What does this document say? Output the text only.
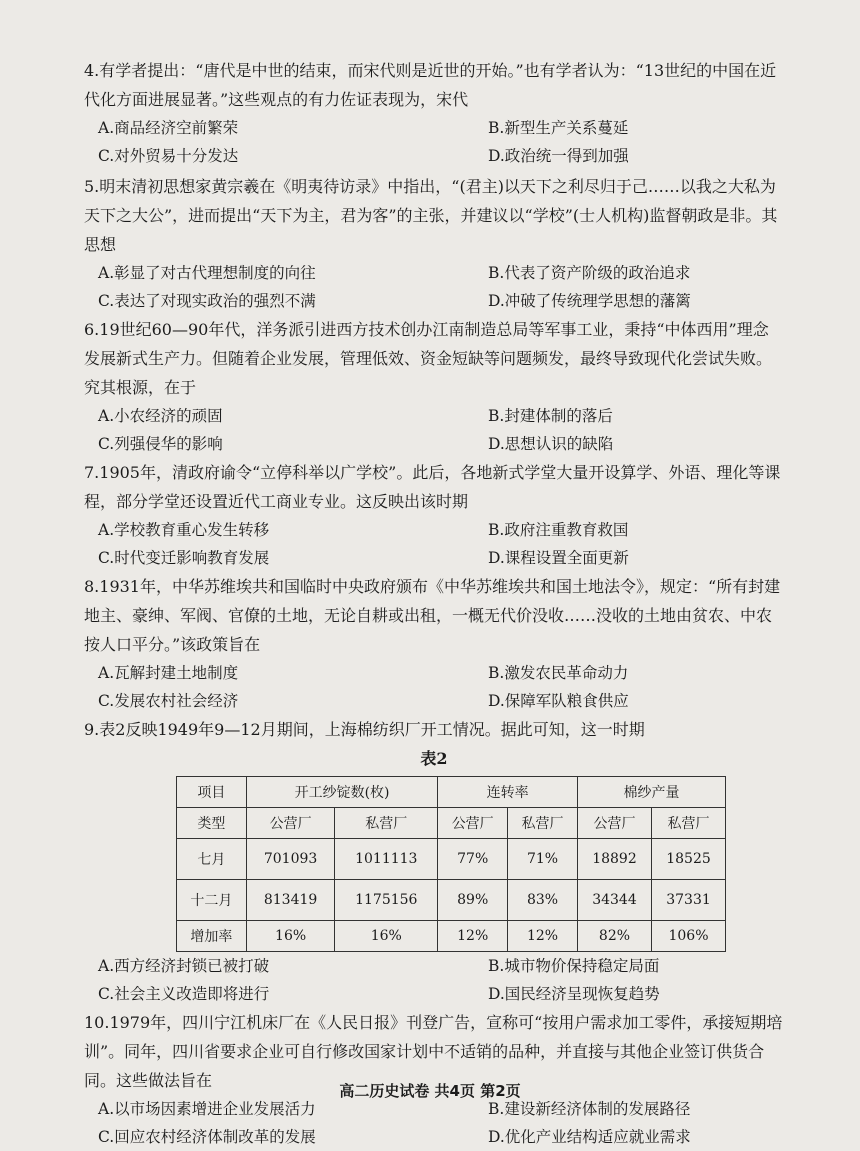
4.有学者提出：“唐代是中世的结束，而宋代则是近世的开始。”也有学者认为：“13世纪的中国在近代化方面进展显著。”这些观点的有力佐证表现为，宋代

A.商品经济空前繁荣	B.新型生产关系蔓延
C.对外贸易十分发达	D.政治统一得到加强

5.明末清初思想家黄宗羲在《明夷待访录》中指出，“(君主)以天下之利尽归于己……以我之大私为天下之大公”，进而提出“天下为主，君为客”的主张，并建议以“学校”(士人机构)监督朝政是非。其思想

A.彰显了对古代理想制度的向往	B.代表了资产阶级的政治追求
C.表达了对现实政治的强烈不满	D.冲破了传统理学思想的藩篱

6.19世纪60—90年代，洋务派引进西方技术创办江南制造总局等军事工业，秉持“中体西用”理念发展新式生产力。但随着企业发展，管理低效、资金短缺等问题频发，最终导致现代化尝试失败。究其根源，在于

A.小农经济的顽固	B.封建体制的落后
C.列强侵华的影响	D.思想认识的缺陷

7.1905年，清政府谕令“立停科举以广学校”。此后，各地新式学堂大量开设算学、外语、理化等课程，部分学堂还设置近代工商业专业。这反映出该时期

A.学校教育重心发生转移	B.政府注重教育救国
C.时代变迁影响教育发展	D.课程设置全面更新

8.1931年，中华苏维埃共和国临时中央政府颁布《中华苏维埃共和国土地法令》，规定：“所有封建地主、豪绅、军阀、官僚的土地，无论自耕或出租，一概无代价没收……没收的土地由贫农、中农按人口平分。”该政策旨在

A.瓦解封建土地制度	B.激发农民革命动力
C.发展农村社会经济	D.保障军队粮食供应

9.表2反映1949年9—12月期间，上海棉纺织厂开工情况。据此可知，这一时期

表2
项目	开工纱锭数(枚)		连转率		棉纱产量	
类型	公营厂	私营厂	公营厂	私营厂	公营厂	私营厂
七月	701093	1011113	77%	71%	18892	18525
十二月	813419	1175156	89%	83%	34344	37331
增加率	16%	16%	12%	12%	82%	106%
A.西方经济封锁已被打破	B.城市物价保持稳定局面
C.社会主义改造即将进行	D.国民经济呈现恢复趋势

10.1979年，四川宁江机床厂在《人民日报》刊登广告，宣称可“按用户需求加工零件，承接短期培训”。同年，四川省要求企业可自行修改国家计划中不适销的品种，并直接与其他企业签订供货合同。这些做法旨在

A.以市场因素增进企业发展活力	B.建设新经济体制的发展路径
C.回应农村经济体制改革的发展	D.优化产业结构适应就业需求
高二历史试卷 共4页 第2页
